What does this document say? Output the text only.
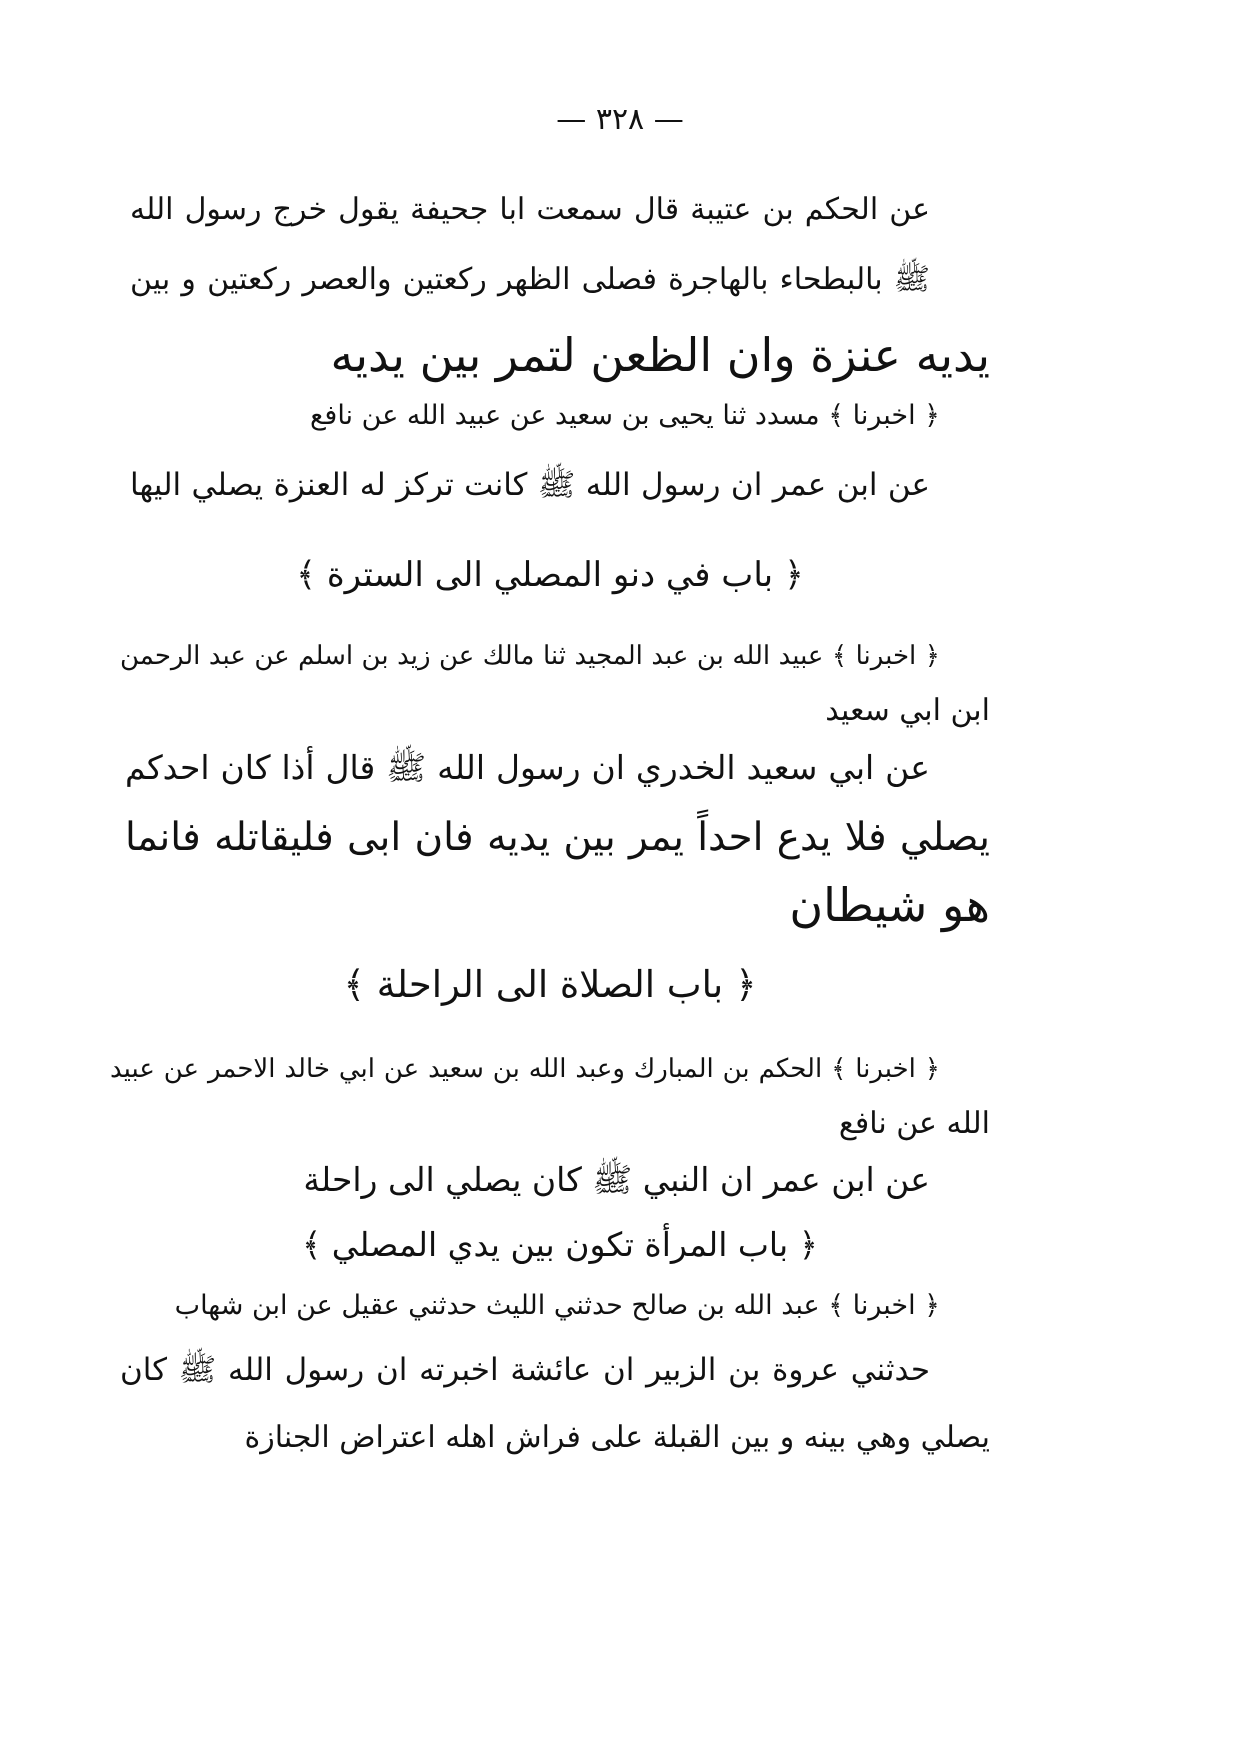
— ٣٢٨ —
عن الحكم بن عتيبة قال سمعت ابا جحيفة يقول خرج رسول الله
ﷺ بالبطحاء بالهاجرة فصلى الظهر ركعتين والعصر ركعتين و بين
يديه عنزة وان الظعن لتمر بين يديه
﴿ اخبرنا ﴾ مسدد ثنا يحيى بن سعيد عن عبيد الله عن نافع
عن ابن عمر ان رسول الله ﷺ كانت تركز له العنزة يصلي اليها
﴿ باب في دنو المصلي الى السترة ﴾
﴿ اخبرنا ﴾ عبيد الله بن عبد المجيد ثنا مالك عن زيد بن اسلم عن عبد الرحمن
ابن ابي سعيد
عن ابي سعيد الخدري ان رسول الله ﷺ قال أذا كان احدكم
يصلي فلا يدع احداً يمر بين يديه فان ابى فليقاتله فانما
هو شيطان
﴿ باب الصلاة الى الراحلة ﴾
﴿ اخبرنا ﴾ الحكم بن المبارك وعبد الله بن سعيد عن ابي خالد الاحمر عن عبيد
الله عن نافع
عن ابن عمر ان النبي ﷺ كان يصلي الى راحلة
﴿ باب المرأة تكون بين يدي المصلي ﴾
﴿ اخبرنا ﴾ عبد الله بن صالح حدثني الليث حدثني عقيل عن ابن شهاب
حدثني عروة بن الزبير ان عائشة اخبرته ان رسول الله ﷺ كان
يصلي وهي بينه و بين القبلة على فراش اهله اعتراض الجنازة
